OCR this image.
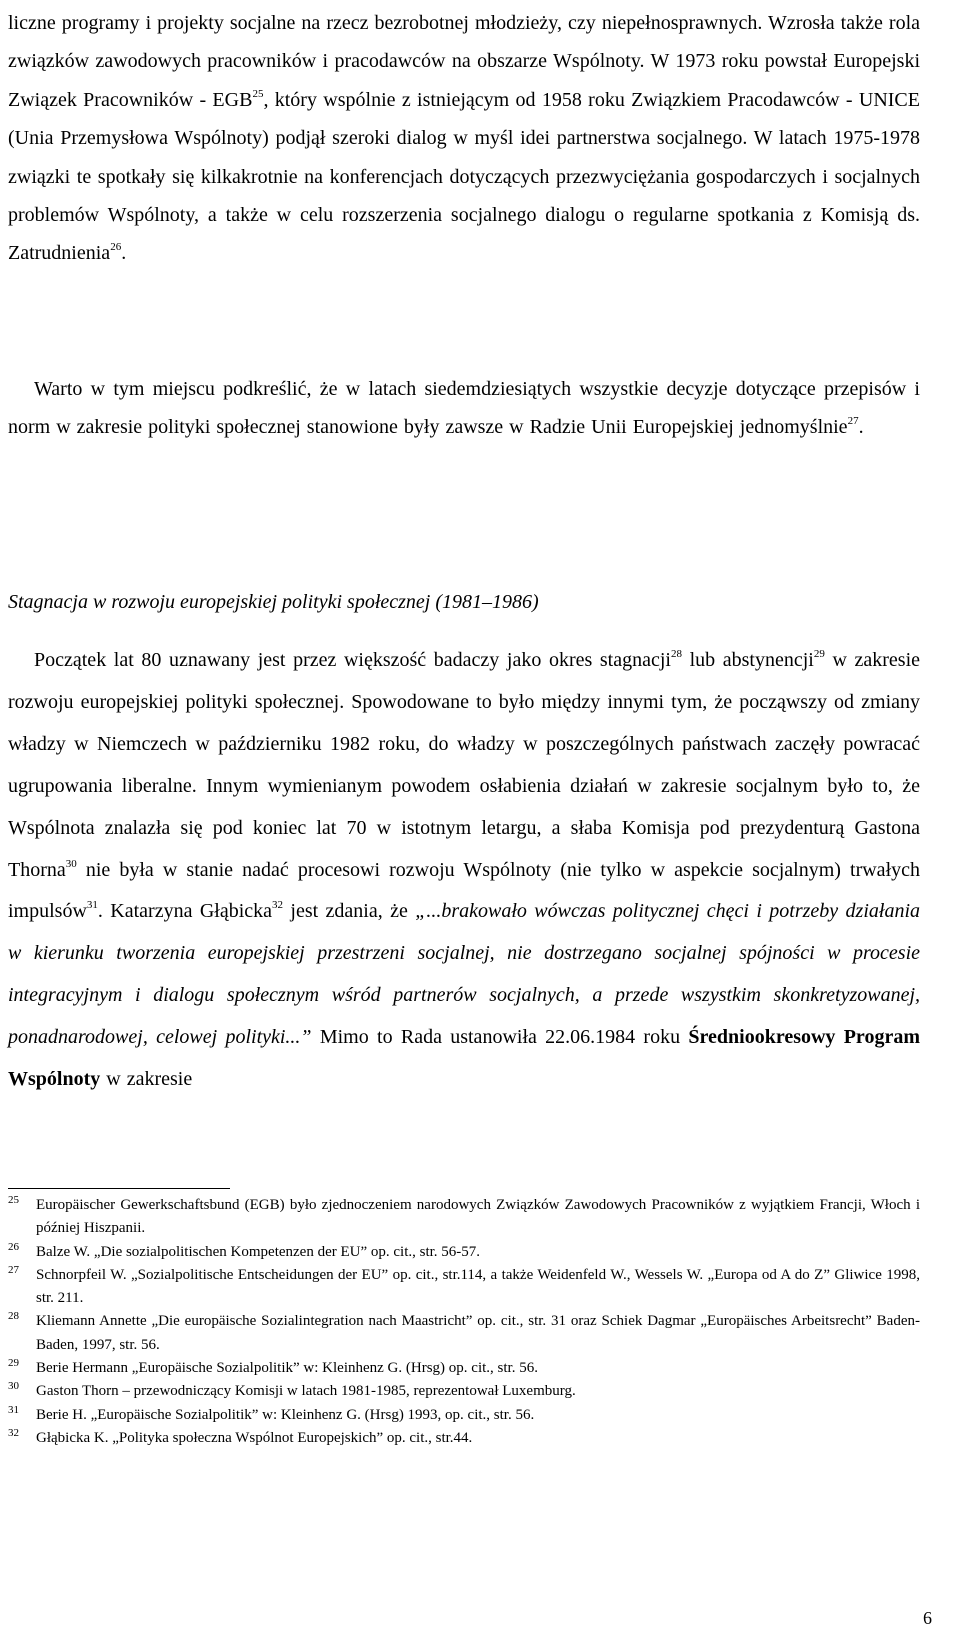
liczne programy i projekty socjalne na rzecz bezrobotnej młodzieży, czy niepełnosprawnych. Wzrosła także rola związków zawodowych pracowników i pracodawców na obszarze Wspólnoty. W 1973 roku powstał Europejski Związek Pracowników - EGB$^{25}$, który wspólnie z istniejącym od 1958 roku Związkiem Pracodawców - UNICE (Unia Przemysłowa Wspólnoty) podjął szeroki dialog w myśl idei partnerstwa socjalnego. W latach 1975-1978 związki te spotkały się kilkakrotnie na konferencjach dotyczących przezwyciężania gospodarczych i socjalnych problemów Wspólnoty, a także w celu rozszerzenia socjalnego dialogu o regularne spotkania z Komisją ds. Zatrudnienia$^{26}$.

Warto w tym miejscu podkreślić, że w latach siedemdziesiątych wszystkie decyzje dotyczące przepisów i norm w zakresie polityki społecznej stanowione były zawsze w Radzie Unii Europejskiej jednomyślnie$^{27}$.

Stagnacja w rozwoju europejskiej polityki społecznej (1981–1986)

Początek lat 80 uznawany jest przez większość badaczy jako okres stagnacji$^{28}$ lub abstynencji$^{29}$ w zakresie rozwoju europejskiej polityki społecznej. Spowodowane to było między innymi tym, że począwszy od zmiany władzy w Niemczech w październiku 1982 roku, do władzy w poszczególnych państwach zaczęły powracać ugrupowania liberalne. Innym wymienianym powodem osłabienia działań w zakresie socjalnym było to, że Wspólnota znalazła się pod koniec lat 70 w istotnym letargu, a słaba Komisja pod prezydenturą Gastona Thorna$^{30}$ nie była w stanie nadać procesowi rozwoju Wspólnoty (nie tylko w aspekcie socjalnym) trwałych impulsów$^{31}$. Katarzyna Głąbicka$^{32}$ jest zdania, że „...brakowało wówczas politycznej chęci i potrzeby działania w kierunku tworzenia europejskiej przestrzeni socjalnej, nie dostrzegano socjalnej spójności w procesie integracyjnym i dialogu społecznym wśród partnerów socjalnych, a przede wszystkim skonkretyzowanej, ponadnarodowej, celowej polityki...” Mimo to Rada ustanowiła 22.06.1984 roku Średniookresowy Program Wspólnoty w zakresie

25 Europäischer Gewerkschaftsbund (EGB) było zjednoczeniem narodowych Związków Zawodowych Pracowników z wyjątkiem Francji, Włoch i później Hiszpanii.
26 Balze W. „Die sozialpolitischen Kompetenzen der EU” op. cit., str. 56-57.
27 Schnorpfeil W. „Sozialpolitische Entscheidungen der EU” op. cit., str.114, a także Weidenfeld W., Wessels W. „Europa od A do Z” Gliwice 1998, str. 211.
28 Kliemann Annette „Die europäische Sozialintegration nach Maastricht” op. cit., str. 31 oraz Schiek Dagmar „Europäisches Arbeitsrecht” Baden-Baden, 1997, str. 56.
29 Berie Hermann „Europäische Sozialpolitik” w: Kleinhenz G. (Hrsg) op. cit., str. 56.
30 Gaston Thorn – przewodniczący Komisji w latach 1981-1985, reprezentował Luxemburg.
31 Berie H. „Europäische Sozialpolitik” w: Kleinhenz G. (Hrsg) 1993, op. cit., str. 56.
32 Głąbicka K. „Polityka społeczna Wspólnot Europejskich” op. cit., str.44.
6
